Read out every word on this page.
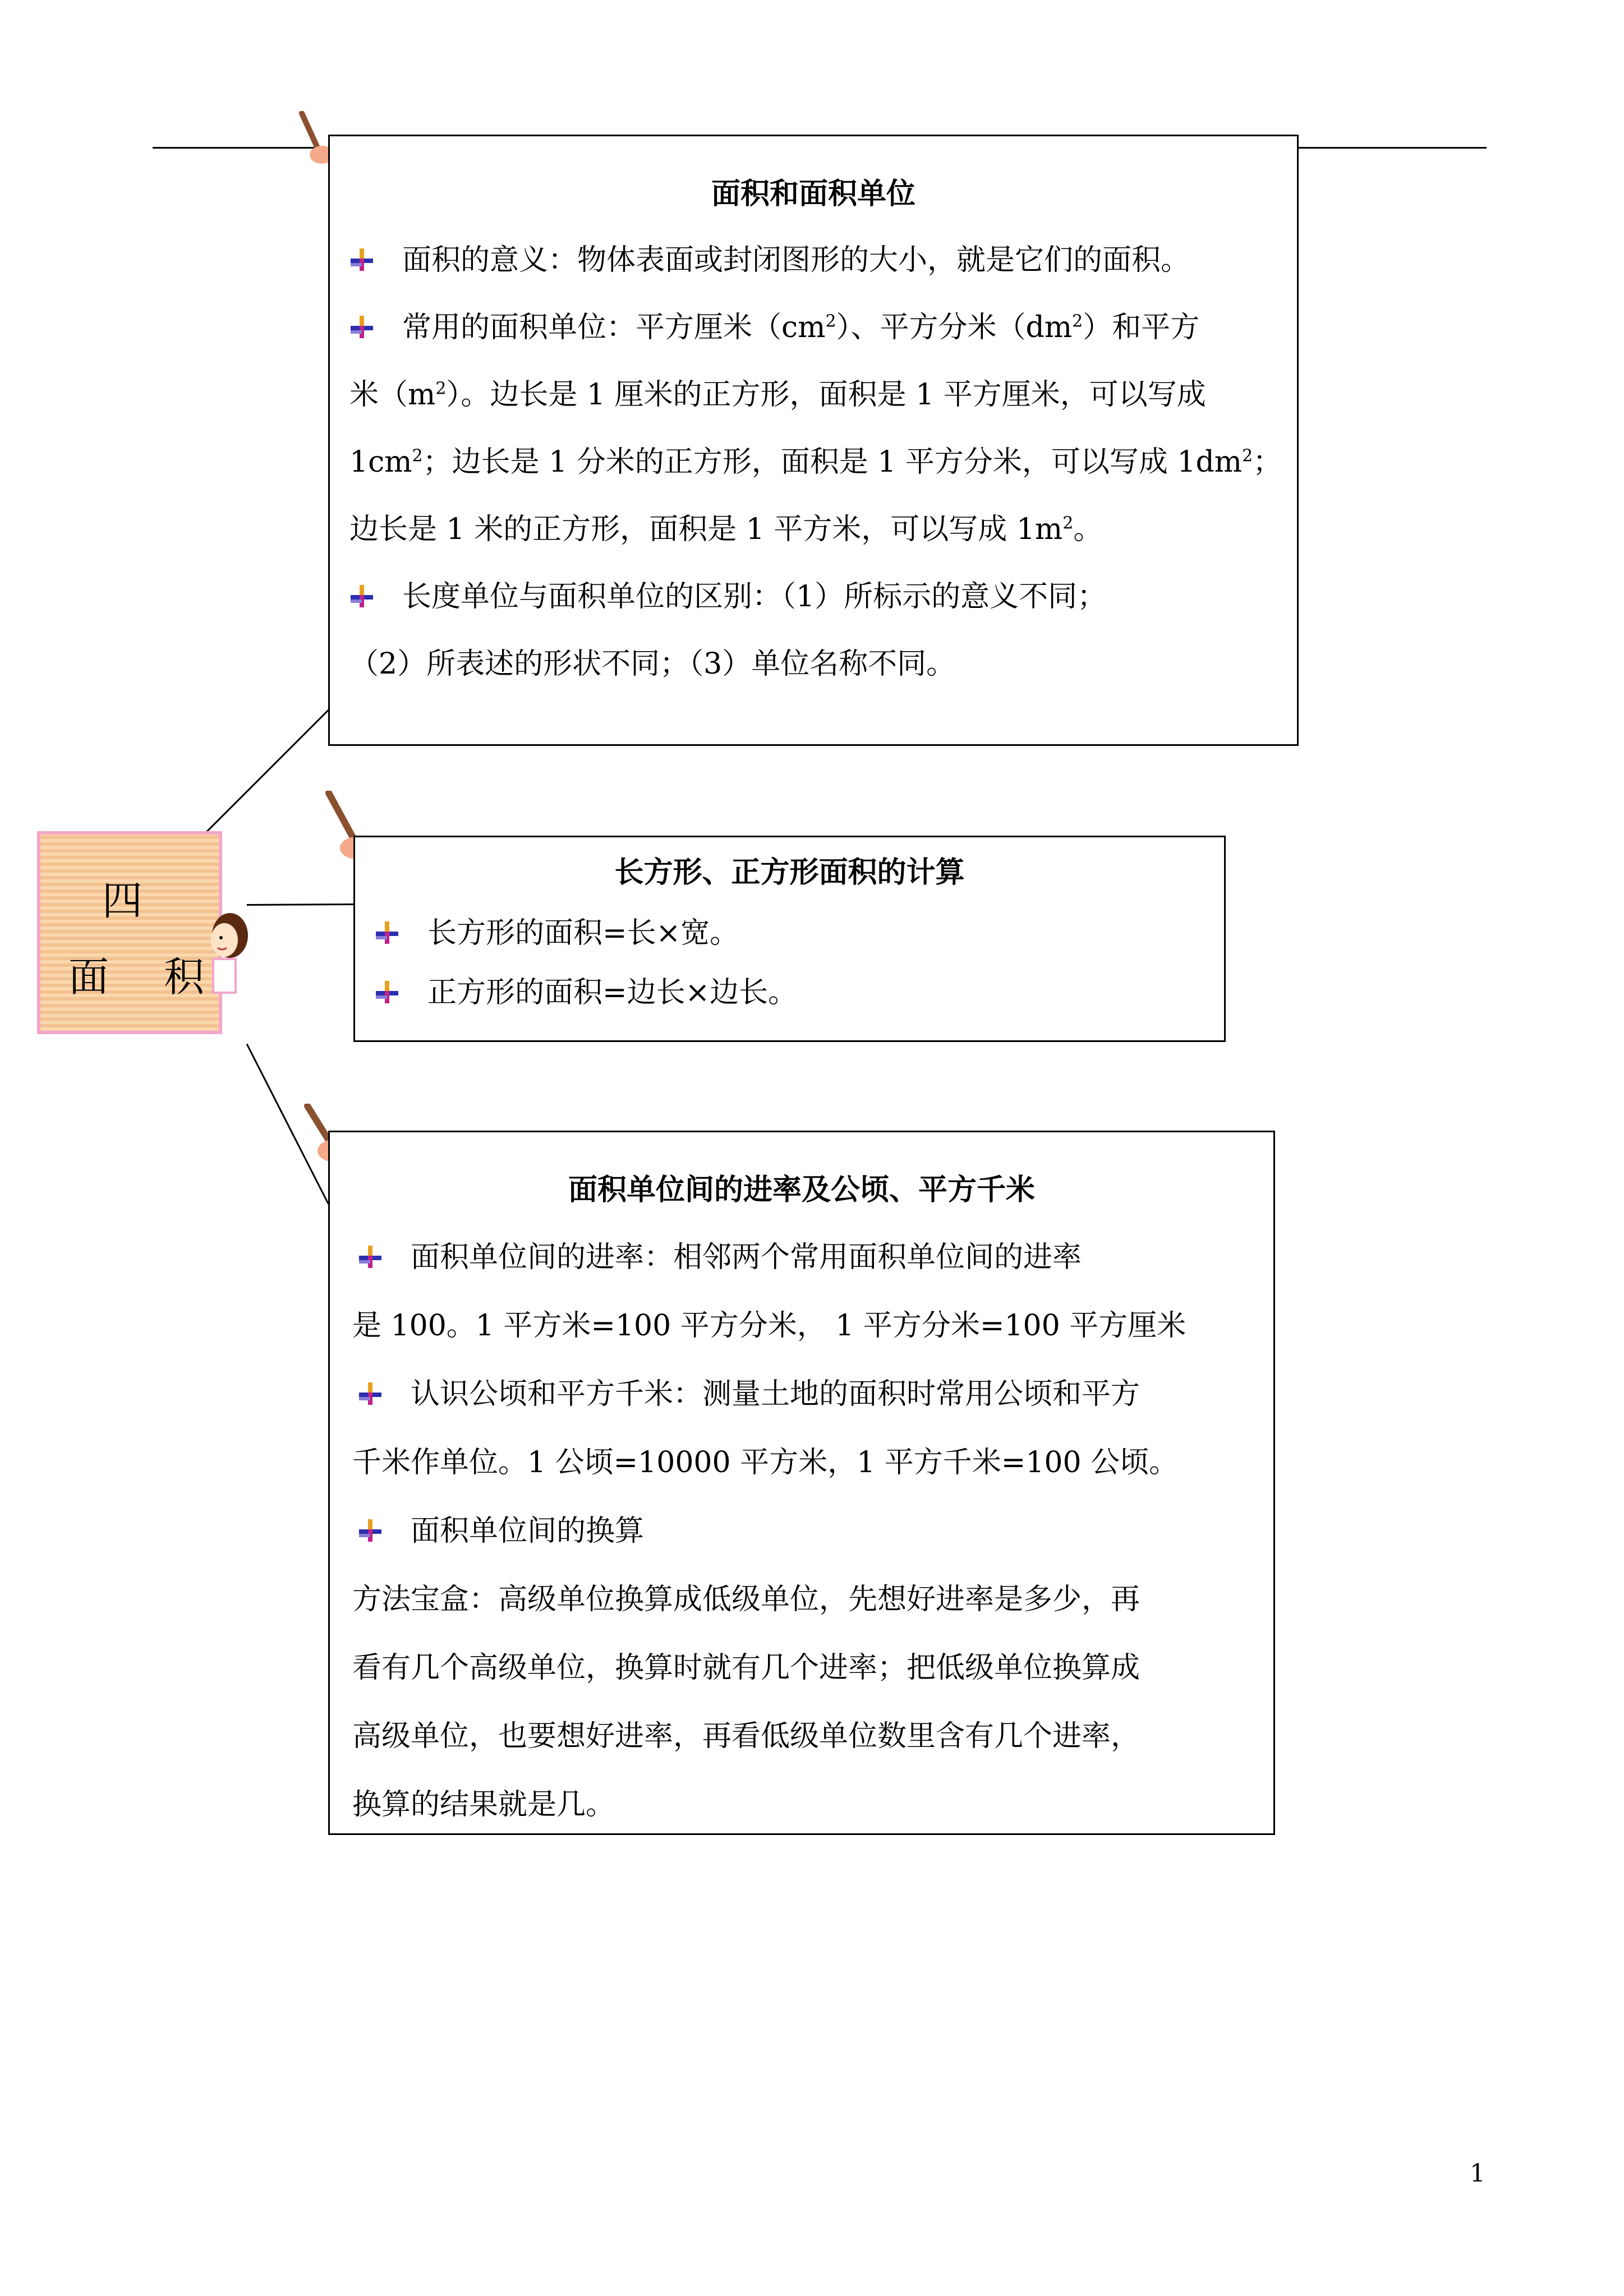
四
面 积
面积和面积单位
面积的意义：物体表面或封闭图形的大小，就是它们的面积。
常用的面积单位：平方厘米$(cm^2)$、平方分米$(dm^2)$和平方
米$(m^2)$。边长是 1 厘米的正方形，面积是 1 平方厘米，可以写成
$1cm^2$；边长是 1 分米的正方形，面积是 1 平方分米，可以写成 $1dm^2$；
边长是 1 米的正方形，面积是 1 平方米，可以写成 $1m^2$。
长度单位与面积单位的区别：（1）所标示的意义不同；
（2）所表述的形状不同；（3）单位名称不同。
长方形、正方形面积的计算
长方形的面积=长×宽。
正方形的面积=边长×边长。
面积单位间的进率及公顷、平方千米
面积单位间的进率：相邻两个常用面积单位间的进率
是 100。1 平方米=100 平方分米， 1 平方分米=100 平方厘米
认识公顷和平方千米：测量土地的面积时常用公顷和平方
千米作单位。1 公顷=10000 平方米，1 平方千米=100 公顷。
面积单位间的换算
方法宝盒：高级单位换算成低级单位，先想好进率是多少，再
看有几个高级单位，换算时就有几个进率；把低级单位换算成
高级单位，也要想好进率，再看低级单位数里含有几个进率，
换算的结果就是几。
1
